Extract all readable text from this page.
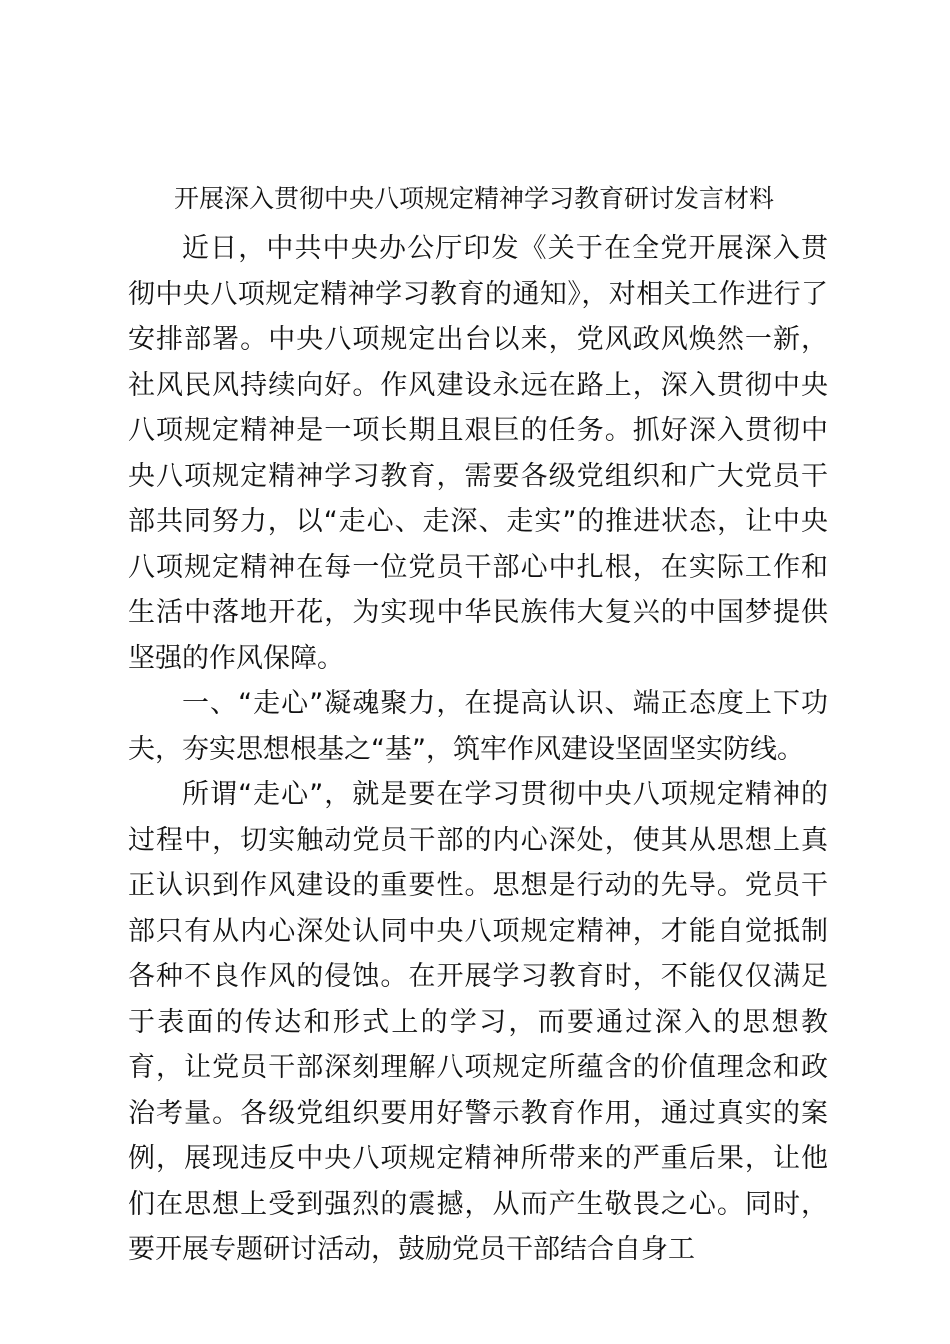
开展深入贯彻中央八项规定精神学习教育研讨发言材料

近日，中共中央办公厅印发《关于在全党开展深入贯彻中央八项规定精神学习教育的通知》，对相关工作进行了安排部署。中央八项规定出台以来，党风政风焕然一新，社风民风持续向好。作风建设永远在路上，深入贯彻中央八项规定精神是一项长期且艰巨的任务。抓好深入贯彻中央八项规定精神学习教育，需要各级党组织和广大党员干部共同努力，以“走心、走深、走实”的推进状态，让中央八项规定精神在每一位党员干部心中扎根，在实际工作和生活中落地开花，为实现中华民族伟大复兴的中国梦提供坚强的作风保障。

一、“走心”凝魂聚力，在提高认识、端正态度上下功夫，夯实思想根基之“基”，筑牢作风建设坚固坚实防线。

所谓“走心”，就是要在学习贯彻中央八项规定精神的过程中，切实触动党员干部的内心深处，使其从思想上真正认识到作风建设的重要性。思想是行动的先导。党员干部只有从内心深处认同中央八项规定精神，才能自觉抵制各种不良作风的侵蚀。在开展学习教育时，不能仅仅满足于表面的传达和形式上的学习，而要通过深入的思想教育，让党员干部深刻理解八项规定所蕴含的价值理念和政治考量。各级党组织要用好警示教育作用，通过真实的案例，展现违反中央八项规定精神所带来的严重后果，让他们在思想上受到强烈的震撼，从而产生敬畏之心。同时，要开展专题研讨活动，鼓励党员干部结合自身工
